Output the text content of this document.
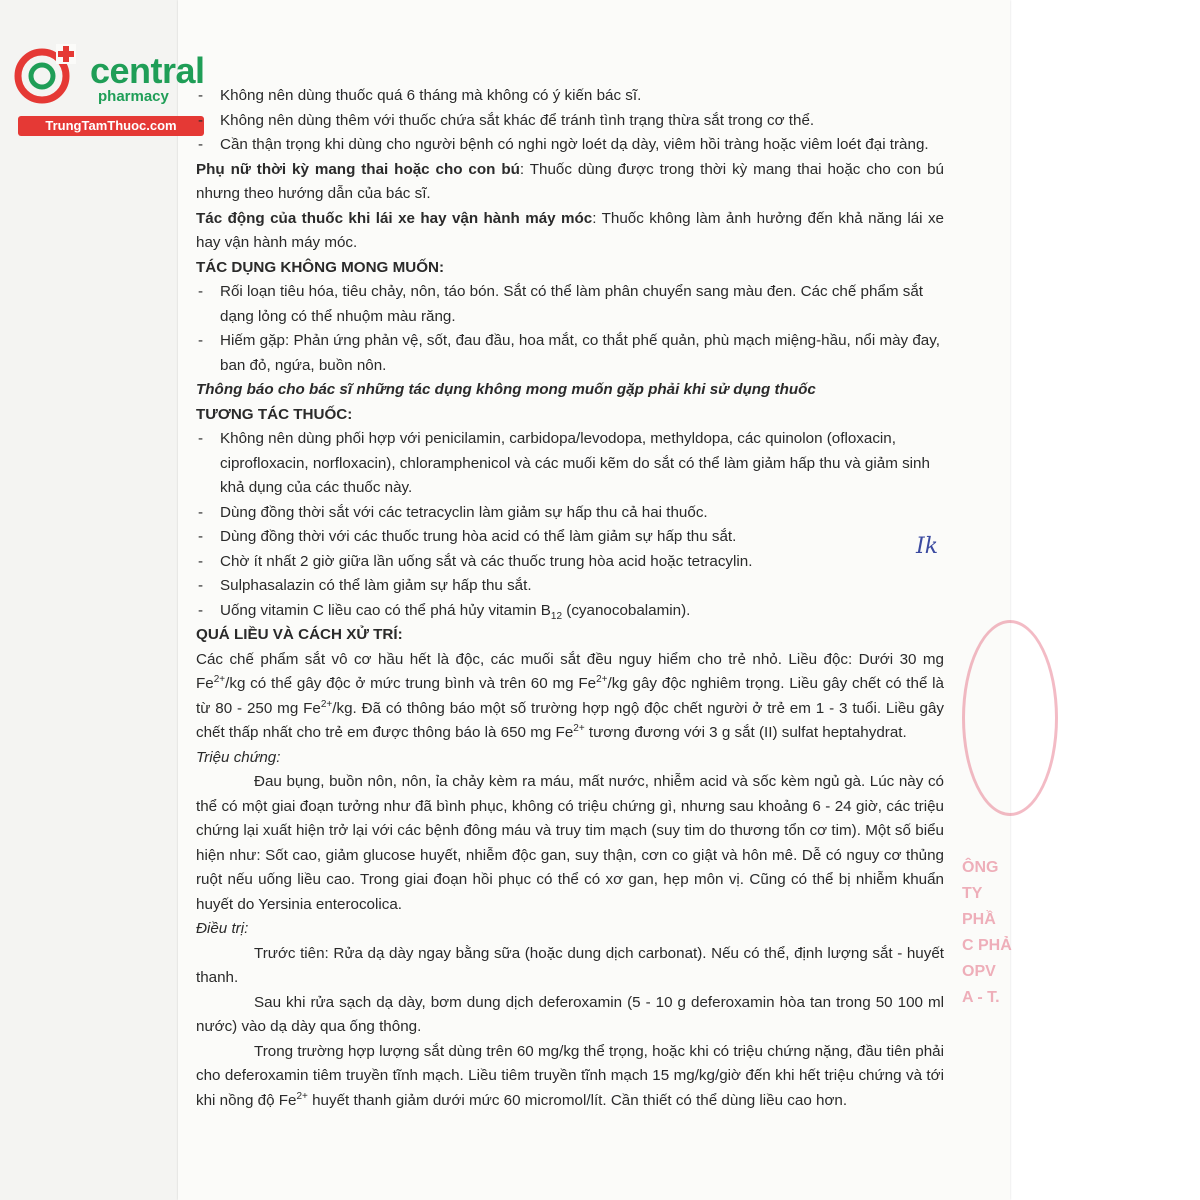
central
pharmacy
TrungTamThuoc.com

- Không nên dùng thuốc quá 6 tháng mà không có ý kiến bác sĩ.

- Không nên dùng thêm với thuốc chứa sắt khác để tránh tình trạng thừa sắt trong cơ thể.

- Cần thận trọng khi dùng cho người bệnh có nghi ngờ loét dạ dày, viêm hồi tràng hoặc viêm loét đại tràng.

Phụ nữ thời kỳ mang thai hoặc cho con bú: Thuốc dùng được trong thời kỳ mang thai hoặc cho con bú nhưng theo hướng dẫn của bác sĩ.

Tác động của thuốc khi lái xe hay vận hành máy móc: Thuốc không làm ảnh hưởng đến khả năng lái xe hay vận hành máy móc.

TÁC DỤNG KHÔNG MONG MUỐN:

- Rối loạn tiêu hóa, tiêu chảy, nôn, táo bón. Sắt có thể làm phân chuyển sang màu đen. Các chế phẩm sắt dạng lỏng có thể nhuộm màu răng.

- Hiếm gặp: Phản ứng phản vệ, sốt, đau đầu, hoa mắt, co thắt phế quản, phù mạch miệng-hầu, nổi mày đay, ban đỏ, ngứa, buồn nôn.

Thông báo cho bác sĩ những tác dụng không mong muốn gặp phải khi sử dụng thuốc

TƯƠNG TÁC THUỐC:

- Không nên dùng phối hợp với penicilamin, carbidopa/levodopa, methyldopa, các quinolon (ofloxacin, ciprofloxacin, norfloxacin), chloramphenicol và các muối kẽm do sắt có thể làm giảm hấp thu và giảm sinh khả dụng của các thuốc này.

- Dùng đồng thời sắt với các tetracyclin làm giảm sự hấp thu cả hai thuốc.

- Dùng đồng thời với các thuốc trung hòa acid có thể làm giảm sự hấp thu sắt.

- Chờ ít nhất 2 giờ giữa lần uống sắt và các thuốc trung hòa acid hoặc tetracylin.

- Sulphasalazin có thể làm giảm sự hấp thu sắt.

- Uống vitamin C liều cao có thể phá hủy vitamin $B_{12}$ (cyanocobalamin).

QUÁ LIỀU VÀ CÁCH XỬ TRÍ:

Các chế phẩm sắt vô cơ hầu hết là độc, các muối sắt đều nguy hiểm cho trẻ nhỏ. Liều độc: Dưới 30 mg $Fe^{2+}/kg$ có thể gây độc ở mức trung bình và trên 60 mg $Fe^{2+}/kg$ gây độc nghiêm trọng. Liều gây chết có thể là từ 80 - 250 mg $Fe^{2+}/kg$. Đã có thông báo một số trường hợp ngộ độc chết người ở trẻ em 1 - 3 tuổi. Liều gây chết thấp nhất cho trẻ em được thông báo là 650 mg $Fe^{2+}$ tương đương với 3 g sắt (II) sulfat heptahydrat.

Triệu chứng:

Đau bụng, buồn nôn, nôn, ỉa chảy kèm ra máu, mất nước, nhiễm acid và sốc kèm ngủ gà. Lúc này có thể có một giai đoạn tưởng như đã bình phục, không có triệu chứng gì, nhưng sau khoảng 6 - 24 giờ, các triệu chứng lại xuất hiện trở lại với các bệnh đông máu và truy tim mạch (suy tim do thương tổn cơ tim). Một số biểu hiện như: Sốt cao, giảm glucose huyết, nhiễm độc gan, suy thận, cơn co giật và hôn mê. Dễ có nguy cơ thủng ruột nếu uống liều cao. Trong giai đoạn hồi phục có thể có xơ gan, hẹp môn vị. Cũng có thể bị nhiễm khuẩn huyết do Yersinia enterocolica.

Điều trị:

Trước tiên: Rửa dạ dày ngay bằng sữa (hoặc dung dịch carbonat). Nếu có thể, định lượng sắt - huyết thanh.

Sau khi rửa sạch dạ dày, bơm dung dịch deferoxamin (5 - 10 g deferoxamin hòa tan trong 50 100 ml nước) vào dạ dày qua ống thông.

Trong trường hợp lượng sắt dùng trên 60 mg/kg thể trọng, hoặc khi có triệu chứng nặng, đầu tiên phải cho deferoxamin tiêm truyền tĩnh mạch. Liều tiêm truyền tĩnh mạch 15 mg/kg/giờ đến khi hết triệu chứng và tới khi nồng độ $Fe^{2+}$ huyết thanh giảm dưới mức 60 micromol/lít. Cần thiết có thể dùng liều cao hơn.

Ik
ÔNG TY
PHẦ
C PHẢ
OPV
A - T.
